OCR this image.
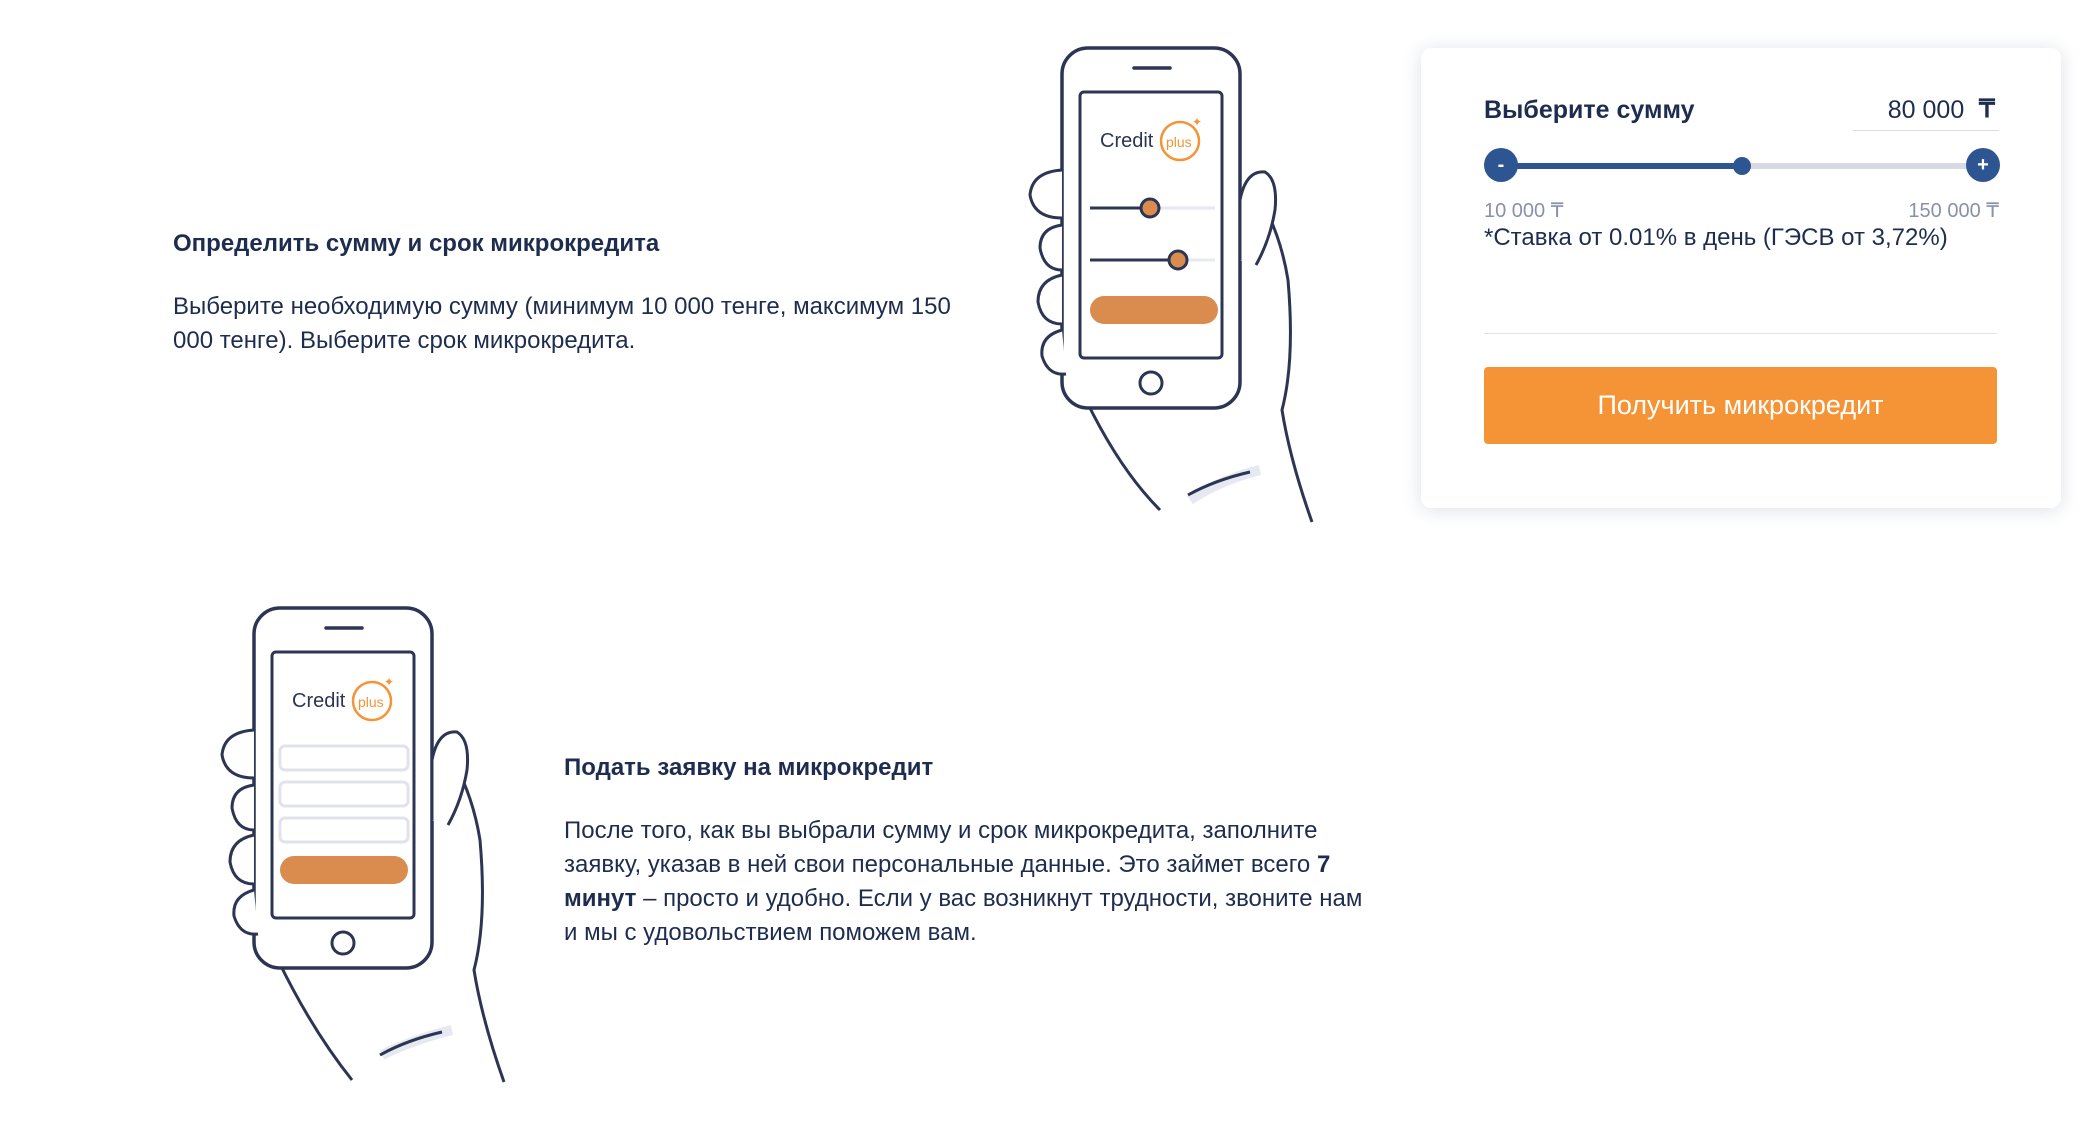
Определить сумму и срок микрокредита

Выберите необходимую сумму (минимум 10 000 тенге, максимум 150 000 тенге). Выберите срок микрокредита.

Credit plus
✦
Credit plus
✦
Подать заявку на микрокредит

После того, как вы выбрали сумму и срок микрокредита, заполните заявку, указав в ней свои персональные данные. Это займет всего 7 минут – просто и удобно. Если у вас возникнут трудности, звоните нам и мы с удовольствием поможем вам.

Выберите сумму
80 000	₸
-	+
10 000 ₸	150 000 ₸
*Ставка от 0.01% в день (ГЭСВ от 3,72%)
Получить микрокредит
